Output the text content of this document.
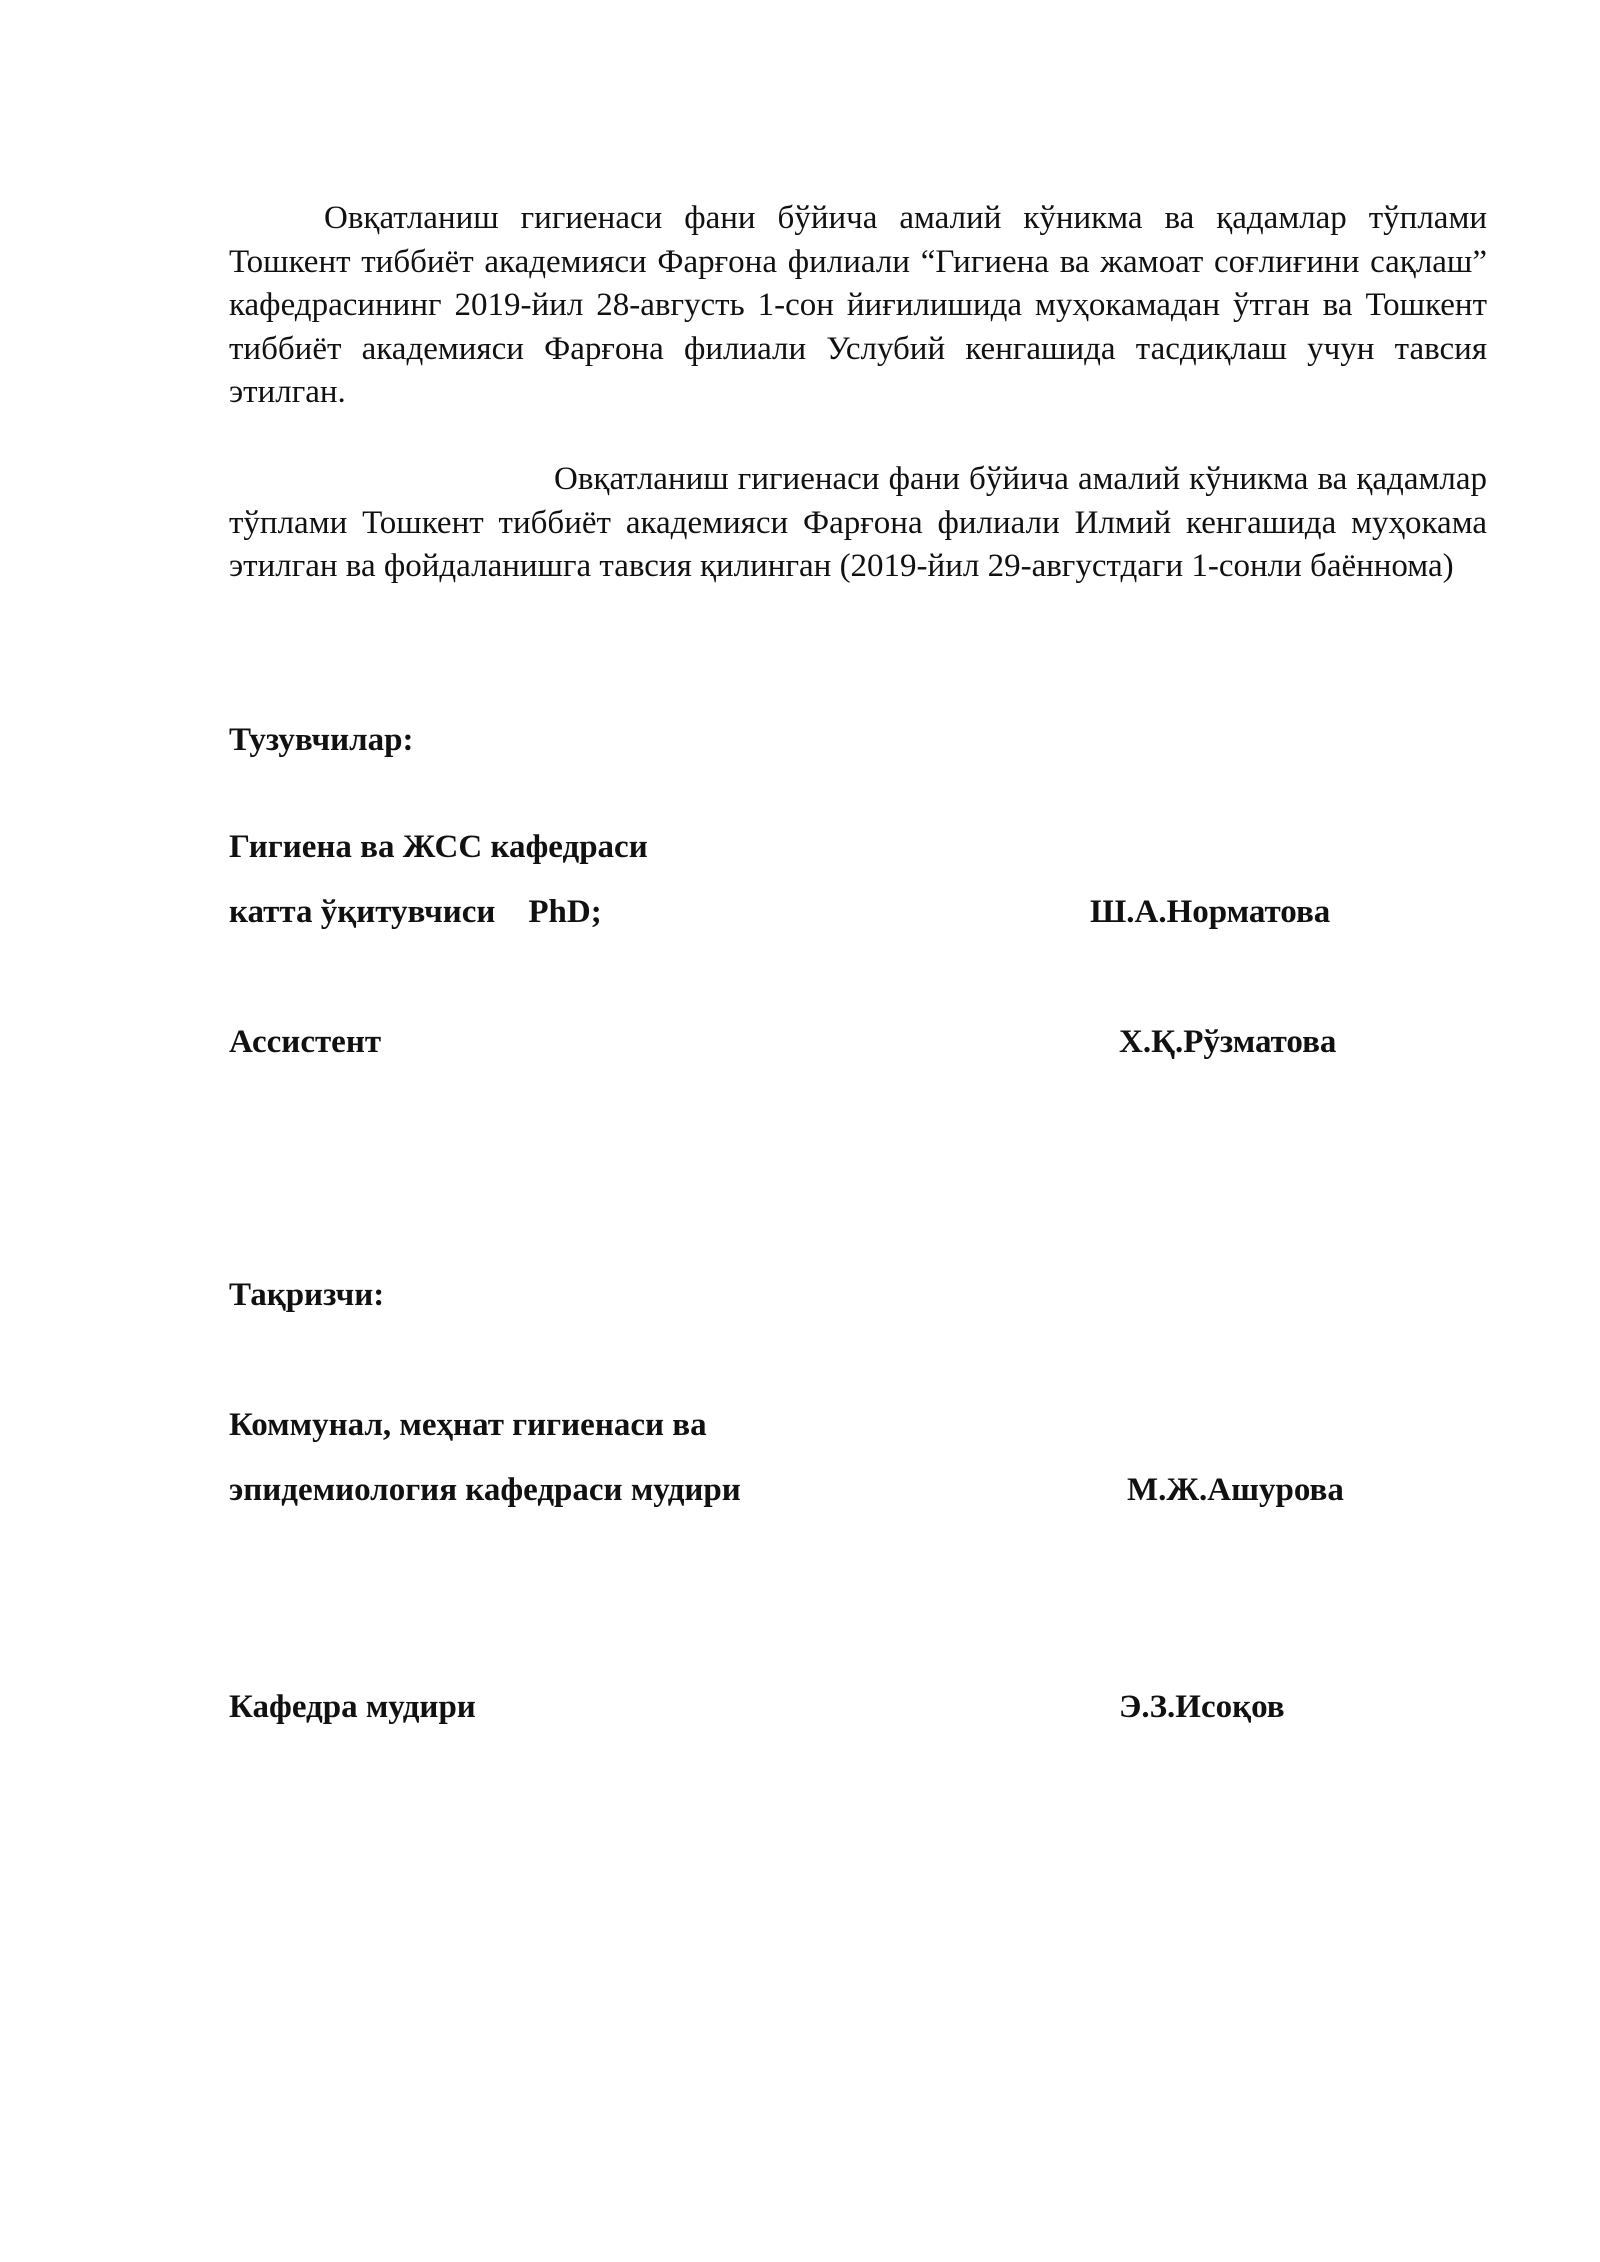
Овқатланиш гигиенаси фани бўйича амалий кўникма ва қадамлар тўплами Тошкент тиббиёт академияси Фарғона филиали “Гигиена ва жамоат соғлиғини сақлаш” кафедрасининг 2019-йил 28-августь 1-сон йиғилишида муҳокамадан ўтган ва Тошкент тиббиёт академияси Фарғона филиали Услубий кенгашида тасдиқлаш учун тавсия этилган.

Овқатланиш гигиенаси фани бўйича амалий кўникма ва қадамлар тўплами Тошкент тиббиёт академияси Фарғона филиали Илмий кенгашида муҳокама этилган ва фойдаланишга тавсия қилинган (2019-йил 29-августдаги 1-сонли баённома)

Тузувчилар:
Гигиена ва ЖСС кафедраси
катта ўқитувчиси    PhD;	Ш.А.Норматова
Ассистент	Х.Қ.Рўзматова
Тақризчи:
Коммунал, меҳнат гигиенаси ва
эпидемиология кафедраси мудири	М.Ж.Ашурова
Кафедра мудири	Э.З.Исоқов
